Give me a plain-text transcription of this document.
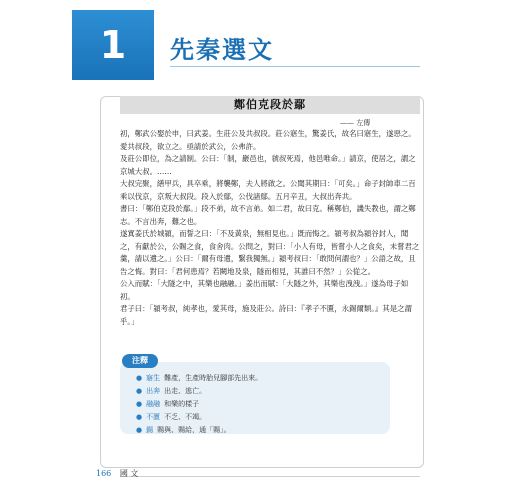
1	先秦選文
鄭伯克段於鄢
—— 左傳

初，鄭武公娶於申，曰武姜。生莊公及共叔段。莊公寤生，驚姜氏，故名曰寤生，遂惡之。愛共叔段，欲立之。亟請於武公，公弗許。

及莊公即位，為之請制。公曰：「制，巖邑也，虢叔死焉，他邑唯命。」請京，使居之，謂之京城大叔。……

大叔完聚，繕甲兵，具卒乘，將襲鄭，夫人將啟之。公聞其期曰：「可矣。」命子封帥車二百乘以伐京，京叛大叔段。段入於鄢，公伐諸鄢。五月辛丑，大叔出奔共。

書曰：「鄭伯克段於鄢。」段不弟，故不言弟。如二君，故曰克。稱鄭伯，譏失教也，謂之鄭志。不言出奔，難之也。

遂寘姜氏於城潁，而誓之曰：「不及黃泉，無相見也。」既而悔之。潁考叔為潁谷封人，聞之，有獻於公，公賜之食，食舍肉。公問之，對曰：「小人有母，皆嘗小人之食矣，未嘗君之羹，請以遺之。」公曰：「爾有母遺，繄我獨無。」潁考叔曰：「敢問何謂也？」公語之故，且告之悔。對曰：「君何患焉？若闕地及泉，隧而相見，其誰曰不然？」公從之。

公入而賦：「大隧之中，其樂也融融。」姜出而賦：「大隧之外，其樂也洩洩。」遂為母子如初。

君子曰：「潁考叔，純孝也，愛其母，施及莊公。詩曰：『孝子不匱，永錫爾類。』其是之謂乎。」

注釋
● 寤生 難產，生產時胎兒腳部先出來。
● 出奔 出走、逃亡。
● 融融 和樂的樣子
● 不匱 不乏、不竭。
● 錫 賜與、賜給，通「賜」。
166 國 文
